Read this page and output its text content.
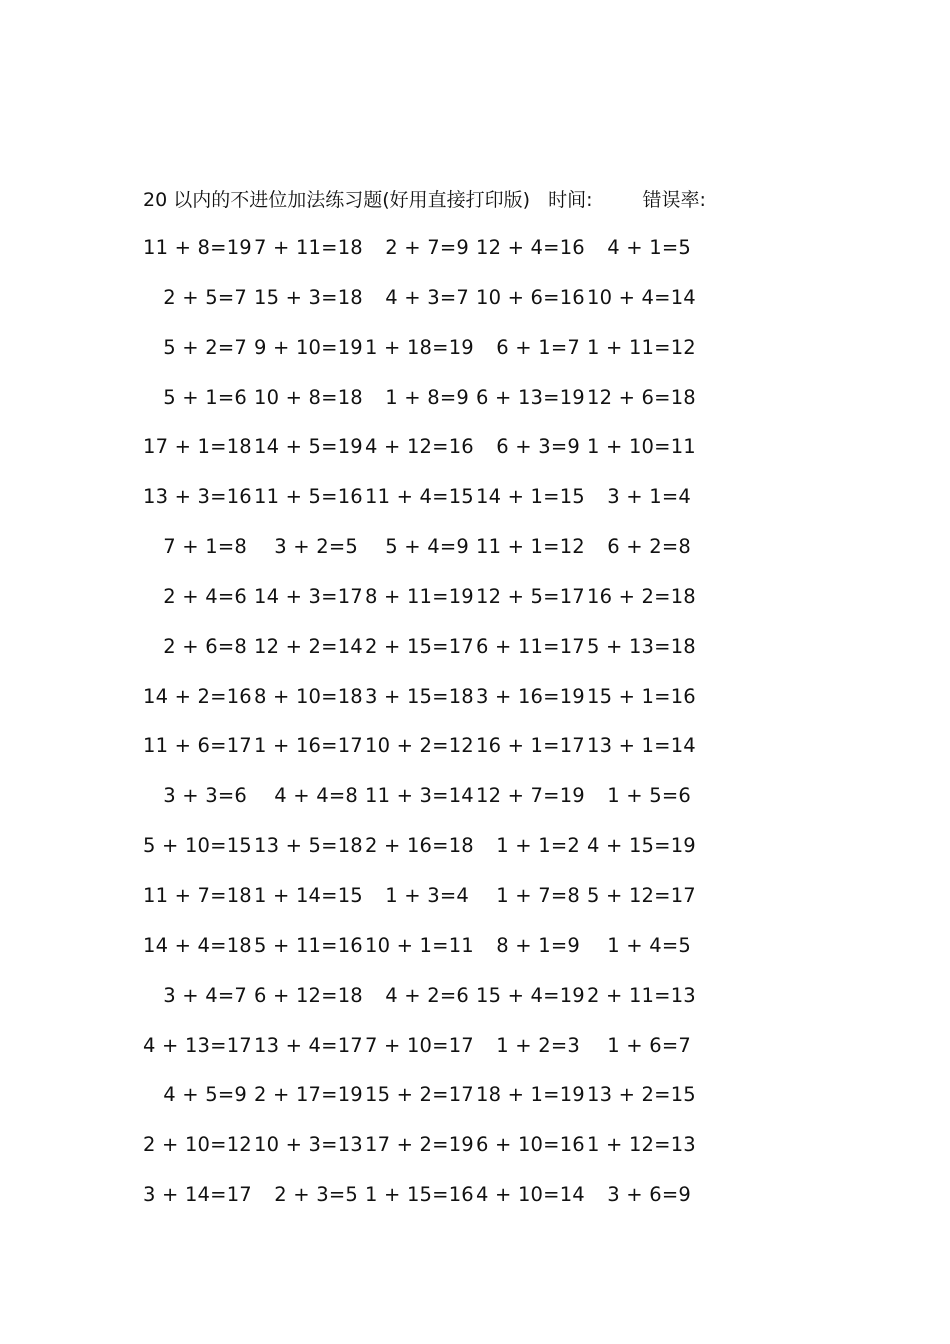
20 以内的不进位加法练习题(好用直接打印版) 时间:	错误率:
11 + 8=19 7 + 11=18	2 + 7=9 12 + 4=16	4 + 1=5
2 + 5=7 15 + 3=18	4 + 3=7 10 + 6=16 10 + 4=14
5 + 2=7 9 + 10=19 1 + 18=19	6 + 1=7 1 + 11=12
5 + 1=6 10 + 8=18	1 + 8=9 6 + 13=19 12 + 6=18
17 + 1=18 14 + 5=19 4 + 12=16	6 + 3=9 1 + 10=11
13 + 3=16 11 + 5=16 11 + 4=15 14 + 1=15	3 + 1=4
7 + 1=8	3 + 2=5	5 + 4=9 11 + 1=12	6 + 2=8
2 + 4=6 14 + 3=17 8 + 11=19 12 + 5=17 16 + 2=18
2 + 6=8 12 + 2=14 2 + 15=17 6 + 11=17 5 + 13=18
14 + 2=16 8 + 10=18 3 + 15=18 3 + 16=19 15 + 1=16
11 + 6=17 1 + 16=17 10 + 2=12 16 + 1=17 13 + 1=14
3 + 3=6	4 + 4=8 11 + 3=14 12 + 7=19	1 + 5=6
5 + 10=15 13 + 5=18 2 + 16=18	1 + 1=2 4 + 15=19
11 + 7=18 1 + 14=15	1 + 3=4	1 + 7=8 5 + 12=17
14 + 4=18 5 + 11=16 10 + 1=11	8 + 1=9	1 + 4=5
3 + 4=7 6 + 12=18	4 + 2=6 15 + 4=19 2 + 11=13
4 + 13=17 13 + 4=17 7 + 10=17	1 + 2=3	1 + 6=7
4 + 5=9 2 + 17=19 15 + 2=17 18 + 1=19 13 + 2=15
2 + 10=12 10 + 3=13 17 + 2=19 6 + 10=16 1 + 12=13
3 + 14=17	2 + 3=5 1 + 15=16 4 + 10=14	3 + 6=9
